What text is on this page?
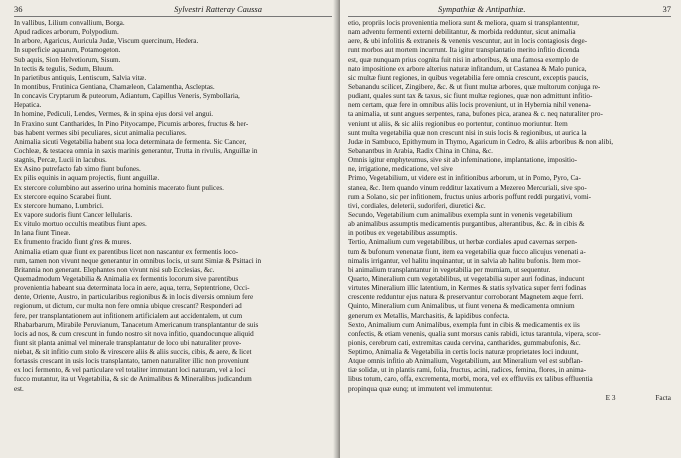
36	Sylvestri Ratteray Caussa
In vallibus, Lilium convallium, Borga.
Apud radices arborum, Polypodium.
In arbore, Agaricus, Auricula Judæ, Viscum quercinum, Hedera.
In superficie aquarum, Potamogeton.
Sub aquis, Sion Helvetiorum, Sisum.
In tectis & tegulis, Sedum, Bluum.
In parietibus antiquis, Lentiscum, Salvia vitæ.
In montibus, Frutinica Gentiana, Chamæleon, Calamentha, Ascleptas.
In concavis Cryptarum & puteorum, Adiantum, Capillus Veneris, Symbollaria,
Hepatica.
In homine, Pediculi, Lendes, Vermes, & in spina ejus dorsi vel angui.
In Fraxino sunt Cantharides, In Pino Pityocampe, Picumis arbores, fructus & her-
bas habent vermes sibi peculiares, sicut animalia peculiares.
Animalia sicuti Vegetabilia habent sua loca determinata de fermenta. Sic Cancer,
Cochleæ, & testacea omnia in saxis marinis generantur, Trutta in rivulis, Anguillæ in
stagnis, Percæ, Lucii in lacubus.
Ex Asino putrefacto fab ximo fiunt bufones.
Ex pilis equinis in aquam projectis, fiunt anguillæ.
Ex stercore columbino aut asserino urina hominis macerato fiunt pulices.
Ex stercore equino Scarabei fiunt.
Ex stercore humano, Lumbrici.
Ex vapore sudoris fiunt Cancer lellularis.
Ex vitulo mortuo occultis meatibus fiunt apes.
In lana fiunt Tineæ.
Ex frumento fracido fiunt g'res & mures.
Animalia etiam quæ fiunt ex parentibus licet non nascantur ex fermentis loco-
rum, tamen non vivunt neque generantur in omnibus locis, ut sunt Simiæ & Psittaci in
Britannia non generant. Elephantes non vivunt nisi sub Ecclesias, &c.
Quemadmodum Vegetabilia & Animalia ex fermentis locorum sive parentibus
provenientia habeant sua determinata loca in aere, aqua, terra, Septentrione, Occi-
dente, Oriente, Austro, in particularibus regionibus & in locis diversis omnium fere
regionum, ut dictum, cur multa non fere omnia ubique crescant? Responderi ad
fere, per transplantationem aut infitionem artificialem aut accidentalem, ut cum
Rhabarbarum, Mirabile Peruvianum, Tanacetum Americanum transplantantur de suis
locis ad nos, & cum crescunt in fundo nostro sit nova infitio, quandocunque aliquid
fiunt sit planta animal vel minerale transplantatur de loco ubi naturaliter prove-
niebat, & sit infitio cum stolo & virescere aliis & aliis succis, cibis, & aere, & licet
fortassis crescant in usis locis transplantato, tamen naturaliter illic non proveniunt
ex loci fermento, & vel particulare vel totaliter immutant loci naturam, vel a loci
fucco mutantur, ita ut Vegetabilia, & sic de Animalibus & Mineralibus judicandum
est.
Sympathiæ & Antipathiæ.	37
etio, propriis locis provenientia meliora sunt & meliora, quam si transplantentur,
nam adventu fermenti externi debilitantur, & morbida redduntur, sicut animalia
aere, & ubi infolitis & extraneis & venenis vescuntur, aut in locis contagiosis dege-
runt morbos aut mortem incurrunt. Ita igitur transplantatio merito infitio dicenda
est, quæ nunquam prius cognita fuit nisi in arboribus, & una famosa exemplo de
nato impositione ex arbore alterius naturæ infitandum, ut Castanea & Malo punica,
sic multæ fiunt regiones, in quibus vegetabilia fere omnia crescunt, exceptis paucis,
Sebanandu scilicet, Zingibere, &c. & ut fiunt multæ arbores, quæ multorum conjuga re-
pudiant, quales sunt tax & taxus, sic fiunt multæ regiones, quæ non admittunt infitio-
nem certam, quæ fere in omnibus aliis locis proveniunt, ut in Hybernia nihil venena-
ta animalia, ut sunt angues serpentes, rana, bufones pica, aranea & c. neq naturaliter pro-
veniunt ut aliis, & sic aliis regionibus eo portentur, continuo moriuntur. Item
sunt multa vegetabilia quæ non crescunt nisi in suis locis & regionibus, ut aurica la
Judæ in Sambuco, Epithymum in Thymo, Agaricum in Cedro, & aliis arboribus & non alibi,
Sebanantbus in Arabia, Radix China in China, &c.
Omnis igitur emphyteumus, sive sit ab infeminatione, implantatione, impositio-
ne, irrigatione, medicatione, vel sive
Primo, Vegetabilium, ut videre est in infitionibus arborum, ut in Pomo, Pyro, Ca-
stanea, &c. Item quando vinum redditur laxativum a Mezereo Mercuriali, sive spo-
rum a Solano, sic per infitionem, fructus unius arboris poffunt reddi purgativi, vomi-
tivi, cordiales, deleterii, sudoriferi, diuretici &c.
Secundo, Vegetabilium cum animalibus exempla sunt in venenis vegetabilium
ab animalibus assumptis medicamentis purgantibus, alterantibus, &c. & in cibis &
in potibus ex vegetabilibus assumptis.
Tertio, Animalium cum vegetabilibus, ut herbæ cordiales apud cavernas serpen-
tum & bufonum venenatæ fiunt, item ea vegetabilia quæ fucco alicujus venenati a-
nimalis irrigantur, vel halitu inquinantur, ut in salvia ab halitu bufonis. Item mor-
bi animalium transplantantur in vegetabilia per mumiam, ut sequentur.
Quarto, Mineralium cum vegetabilibus, ut vegetabilia super auri fodinas, inducunt
virtutes Mineralium illic latentium, in Kermes & statis sylvatica super ferri fodinas
crescente redduntur ejus natura & preservantur corroborant Magnetem æque ferri.
Quinto, Mineralium cum Animalibus, ut fiunt venena & medicamenta omnium
generum ex Metallis, Marchasitis, & lapidibus confecta.
Sexto, Animalium cum Animalibus, exempla funt in cibis & medicamentis ex iis
confectis, & etiam venenis, qualia sunt morsus canis rabidi, ictus tarantula, vipera, scor-
pionis, cerebrum cati, extremitas cauda cervina, cantharides, gummabufonis, &c.
Septimo, Animalia & Vegetabilia in certis locis naturæ proprietates loci induunt,
Atque omnis infitio ab Animalium, Vegetabilium, aut Mineralium vel est subflan-
tiæ solidæ, ut in plantis rami, folia, fructus, acini, radices, femina, flores, in anima-
libus totum, caro, offa, excrementa, morbi, mora, vel ex effluviis ex talibus effluentia
propinqua quæ eunq; ut immutent vel immutentur.
E 3	Facta
